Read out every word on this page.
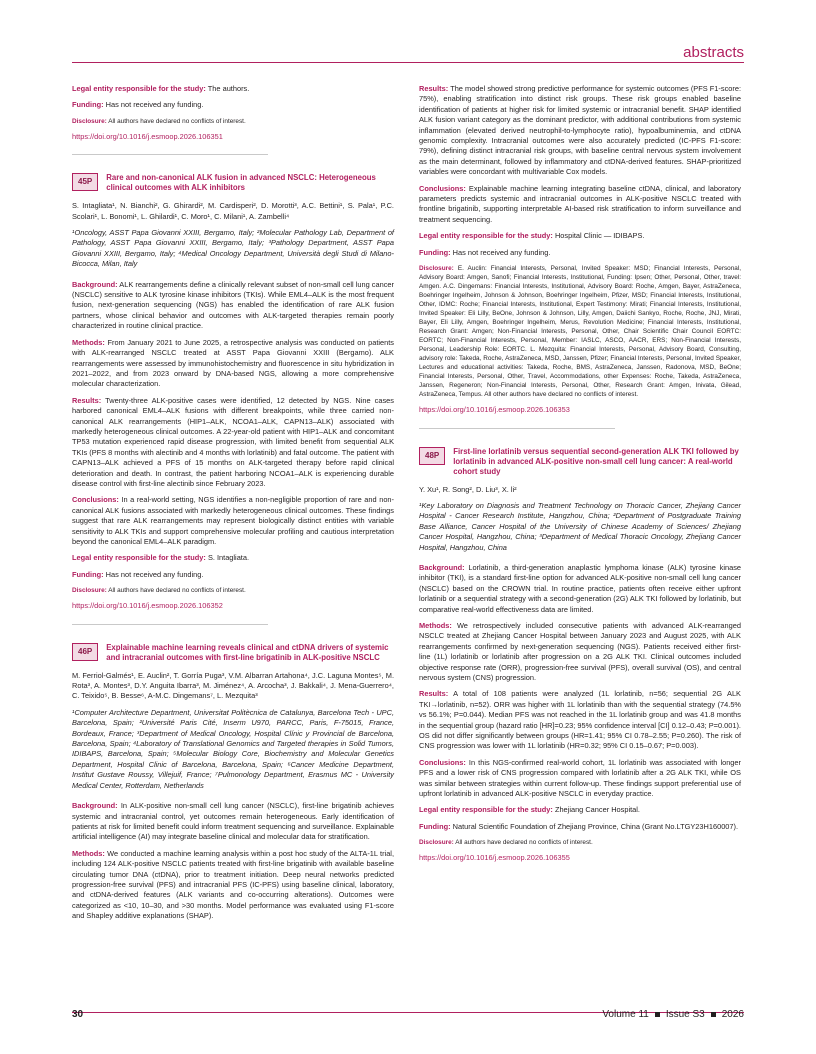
abstracts

Legal entity responsible for the study: The authors.

Funding: Has not received any funding.

Disclosure: All authors have declared no conflicts of interest.

https://doi.org/10.1016/j.esmoop.2026.106351

45P	Rare and non-canonical ALK fusion in advanced NSCLC: Heterogeneous clinical outcomes with ALK inhibitors

S. Intagliata¹, N. Bianchi², G. Ghirardi², M. Cardisperi², D. Morotti³, A.C. Bettini¹, S. Pala¹, P.C. Scolari¹, L. Bonomi¹, L. Ghilardi¹, C. Moro¹, C. Milani¹, A. Zambelli⁴

¹Oncology, ASST Papa Giovanni XXIII, Bergamo, Italy; ²Molecular Pathology Lab, Department of Pathology, ASST Papa Giovanni XXIII, Bergamo, Italy; ³Pathology Department, ASST Papa Giovanni XXIII, Bergamo, Italy; ⁴Medical Oncology Department, Università degli Studi di Milano-Bicocca, Milan, Italy

Background: ALK rearrangements define a clinically relevant subset of non-small cell lung cancer (NSCLC) sensitive to ALK tyrosine kinase inhibitors (TKIs). While EML4–ALK is the most frequent fusion, next-generation sequencing (NGS) has enabled the identification of rare ALK fusion partners, whose clinical behavior and outcomes with ALK-targeted therapies remain poorly characterized in routine clinical practice.

Methods: From January 2021 to June 2025, a retrospective analysis was conducted on patients with ALK-rearranged NSCLC treated at ASST Papa Giovanni XXIII (Bergamo). ALK rearrangements were assessed by immunohistochemistry and fluorescence in situ hybridization in 2021–2022, and from 2023 onward by DNA-based NGS, allowing a more comprehensive molecular characterization.

Results: Twenty-three ALK-positive cases were identified, 12 detected by NGS. Nine cases harbored canonical EML4–ALK fusions with different breakpoints, while three carried non-canonical ALK rearrangements (HIP1–ALK, NCOA1–ALK, CAPN13–ALK) associated with markedly heterogeneous clinical outcomes. A 22-year-old patient with HIP1–ALK and concomitant TP53 mutation experienced rapid disease progression, with limited benefit from sequential ALK TKIs (PFS 8 months with alectinib and 4 months with lorlatinib) and fatal outcome. The patient with CAPN13–ALK achieved a PFS of 15 months on ALK-targeted therapy before rapid clinical deterioration and death. In contrast, the patient harboring NCOA1–ALK is experiencing durable disease control with first-line alectinib since February 2023.

Conclusions: In a real-world setting, NGS identifies a non-negligible proportion of rare and non-canonical ALK fusions associated with markedly heterogeneous clinical outcomes. These findings suggest that rare ALK rearrangements may represent biologically distinct entities with variable sensitivity to ALK TKIs and support comprehensive molecular profiling and cautious interpretation beyond the canonical EML4–ALK paradigm.

Legal entity responsible for the study: S. Intagliata.

Funding: Has not received any funding.

Disclosure: All authors have declared no conflicts of interest.

https://doi.org/10.1016/j.esmoop.2026.106352

46P	Explainable machine learning reveals clinical and ctDNA drivers of systemic and intracranial outcomes with first-line brigatinib in ALK-positive NSCLC

M. Ferriol-Galmés¹, E. Auclin², T. Gorría Puga³, V.M. Albarran Artahona⁴, J.C. Laguna Montes⁵, M. Rota³, A. Montes³, D.Y. Anguita Ibarra³, M. Jiménez⁴, A. Arcocha³, J. Bakkali⁴, J. Mena-Guerrero⁴, C. Teixido⁵, B. Besse⁶, A-M.C. Dingemans⁷, L. Mezquita³

¹Computer Architecture Department, Universitat Politècnica de Catalunya, Barcelona Tech - UPC, Barcelona, Spain; ²Université Paris Cité, Inserm U970, PARCC, Paris, F-75015, France, Bordeaux, France; ³Department of Medical Oncology, Hospital Clínic y Provincial de Barcelona, Barcelona, Spain; ⁴Laboratory of Translational Genomics and Targeted therapies in Solid Tumors, IDIBAPS, Barcelona, Spain; ⁵Molecular Biology Core, Biochemistry and Molecular Genetics Department, Hospital Clinic of Barcelona, Barcelona, Spain; ⁶Cancer Medicine Department, Institut Gustave Roussy, Villejuif, France; ⁷Pulmonology Department, Erasmus MC - University Medical Center, Rotterdam, Netherlands

Background: In ALK-positive non-small cell lung cancer (NSCLC), first-line brigatinib achieves systemic and intracranial control, yet outcomes remain heterogeneous. Early identification of patients at risk for limited benefit could inform treatment sequencing and surveillance. Explainable artificial intelligence (AI) may integrate baseline clinical and molecular data for stratification.

Methods: We conducted a machine learning analysis within a post hoc study of the ALTA-1L trial, including 124 ALK-positive NSCLC patients treated with first-line brigatinib with available baseline circulating tumor DNA (ctDNA), prior to treatment initiation. Deep neural networks predicted progression-free survival (PFS) and intracranial PFS (IC-PFS) using baseline clinical, laboratory, and ctDNA-derived features (ALK variants and co-occurring alterations). Outcomes were categorized as <10, 10–30, and >30 months. Model performance was evaluated using F1-score and Shapley additive explanations (SHAP).

Results: The model showed strong predictive performance for systemic outcomes (PFS F1-score: 75%), enabling stratification into distinct risk groups. These risk groups enabled baseline identification of patients at higher risk for limited systemic or intracranial benefit. SHAP identified ALK fusion variant category as the dominant predictor, with additional contributions from systemic inflammation (elevated derived neutrophil-to-lymphocyte ratio), hypoalbuminemia, and ctDNA genomic complexity. Intracranial outcomes were also accurately predicted (IC-PFS F1-score: 79%), defining distinct intracranial risk groups, with baseline central nervous system involvement as the main determinant, followed by inflammatory and ctDNA-derived features. SHAP-prioritized variables were concordant with multivariable Cox models.

Conclusions: Explainable machine learning integrating baseline ctDNA, clinical, and laboratory parameters predicts systemic and intracranial outcomes in ALK-positive NSCLC treated with frontline brigatinib, supporting interpretable AI-based risk stratification to inform surveillance and treatment sequencing.

Legal entity responsible for the study: Hospital Clinic — IDIBAPS.

Funding: Has not received any funding.

Disclosure: E. Auclin: Financial Interests, Personal, Invited Speaker: MSD; Financial Interests, Personal, Advisory Board: Amgen, Sanofi; Financial Interests, Institutional, Funding: Ipsen; Other, Personal, Other, travel: Amgen. A.C. Dingemans: Financial Interests, Institutional, Advisory Board: Roche, Amgen, Bayer, AstraZeneca, Boehringer Ingelheim, Johnson & Johnson, Boehringer Ingelheim, Pfizer, MSD; Financial Interests, Institutional, Other, IDMC: Roche; Financial Interests, Institutional, Expert Testimony: Mirati; Financial Interests, Institutional, Invited Speaker: Eli Lilly, BeOne, Johnson & Johnson, Lilly, Amgen, Daiichi Sankyo, Roche, Roche, JNJ, Mirati, Bayer, Eli Lilly, Amgen, Boehringer Ingelheim, Merus, Revolution Medicine; Financial Interests, Institutional, Research Grant: Amgen; Non-Financial Interests, Personal, Other, Chair Scientific Chair Council EORTC: EORTC; Non-Financial Interests, Personal, Member: IASLC, ASCO, AACR, ERS; Non-Financial Interests, Personal, Leadership Role: EORTC. L. Mezquita: Financial Interests, Personal, Advisory Board, Consulting, advisory role: Takeda, Roche, AstraZeneca, MSD, Janssen, Pfizer; Financial Interests, Personal, Invited Speaker, Lectures and educational activities: Takeda, Roche, BMS, AstraZeneca, Janssen, Radonova, MSD, BeOne; Financial Interests, Personal, Other, Travel, Accommodations, other Expenses: Roche, Takeda, AstraZeneca, Janssen, Regeneron; Non-Financial Interests, Personal, Other, Research Grant: Amgen, Inivata, Gilead, AstraZeneca, Tempus. All other authors have declared no conflicts of interest.

https://doi.org/10.1016/j.esmoop.2026.106353

48P	First-line lorlatinib versus sequential second-generation ALK TKI followed by lorlatinib in advanced ALK-positive non-small cell lung cancer: A real-world cohort study

Y. Xu¹, R. Song², D. Liu³, X. li²

¹Key Laboratory on Diagnosis and Treatment Technology on Thoracic Cancer, Zhejiang Cancer Hospital - Cancer Research Institute, Hangzhou, China; ²Department of Postgraduate Training Base Alliance, Cancer Hospital of the University of Chinese Academy of Sciences/ Zhejiang Cancer Hospital, Hangzhou, China; ³Department of Medical Thoracic Oncology, Zhejiang Cancer Hospital, Hangzhou, China

Background: Lorlatinib, a third-generation anaplastic lymphoma kinase (ALK) tyrosine kinase inhibitor (TKI), is a standard first-line option for advanced ALK-positive non-small cell lung cancer (NSCLC) based on the CROWN trial. In routine practice, patients often receive either upfront lorlatinib or a sequential strategy with a second-generation (2G) ALK TKI followed by lorlatinib, but comparative real-world effectiveness data are limited.

Methods: We retrospectively included consecutive patients with advanced ALK-rearranged NSCLC treated at Zhejiang Cancer Hospital between January 2023 and August 2025, with ALK rearrangements confirmed by next-generation sequencing (NGS). Patients received either first-line (1L) lorlatinib or lorlatinib after progression on a 2G ALK TKI. Clinical outcomes included objective response rate (ORR), progression-free survival (PFS), overall survival (OS), and central nervous system (CNS) progression.

Results: A total of 108 patients were analyzed (1L lorlatinib, n=56; sequential 2G ALK TKI→lorlatinib, n=52). ORR was higher with 1L lorlatinib than with the sequential strategy (74.5% vs 56.1%; P=0.044). Median PFS was not reached in the 1L lorlatinib group and was 41.8 months in the sequential group (hazard ratio [HR]=0.23; 95% confidence interval [CI] 0.12–0.43; P=0.001). OS did not differ significantly between groups (HR=1.41; 95% CI 0.78–2.55; P=0.260). The risk of CNS progression was lower with 1L lorlatinib (HR=0.32; 95% CI 0.15–0.67; P=0.003).

Conclusions: In this NGS-confirmed real-world cohort, 1L lorlatinib was associated with longer PFS and a lower risk of CNS progression compared with lorlatinib after a 2G ALK TKI, while OS was similar between strategies within current follow-up. These findings support preferential use of upfront lorlatinib in advanced ALK-positive NSCLC in everyday practice.

Legal entity responsible for the study: Zhejiang Cancer Hospital.

Funding: Natural Scientific Foundation of Zhejiang Province, China (Grant No.LTGY23H160007).

Disclosure: All authors have declared no conflicts of interest.

https://doi.org/10.1016/j.esmoop.2026.106355

30	Volume 11 Issue S3 2026
